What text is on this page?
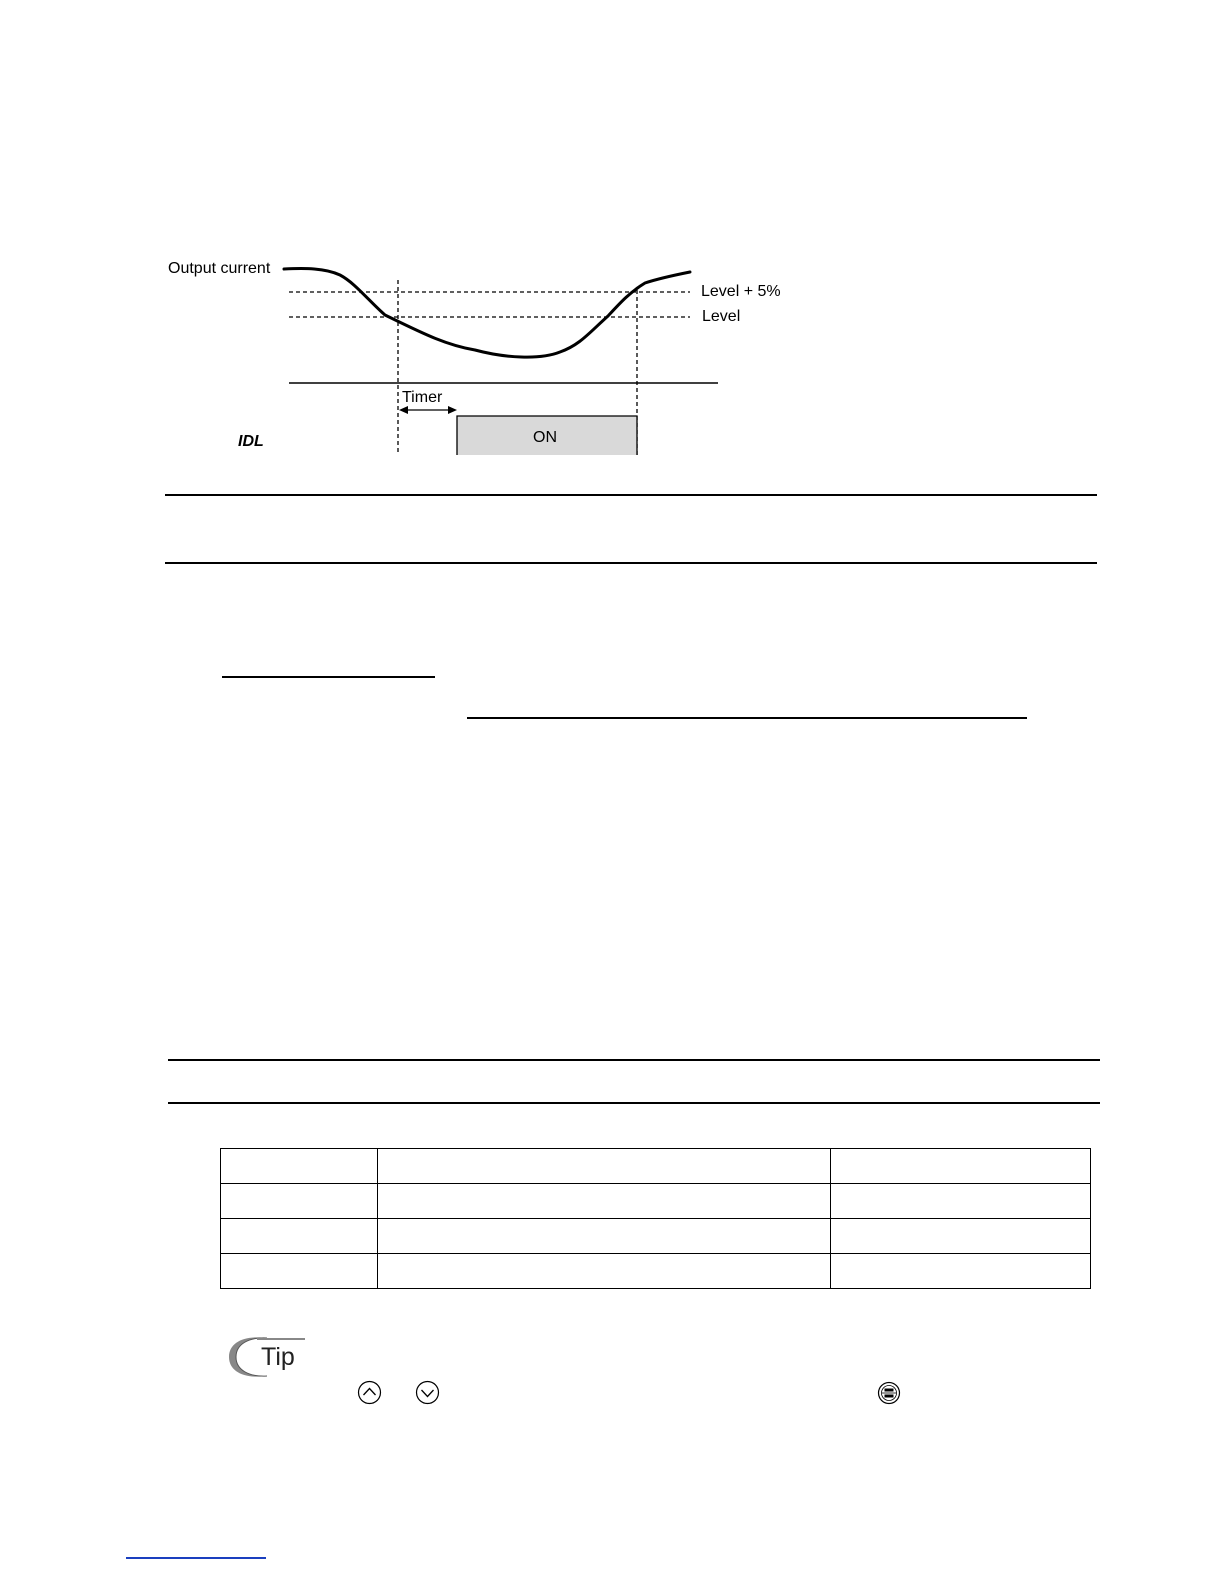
Output current
Level + 5%
Level
Timer
ON
IDL

Tip
